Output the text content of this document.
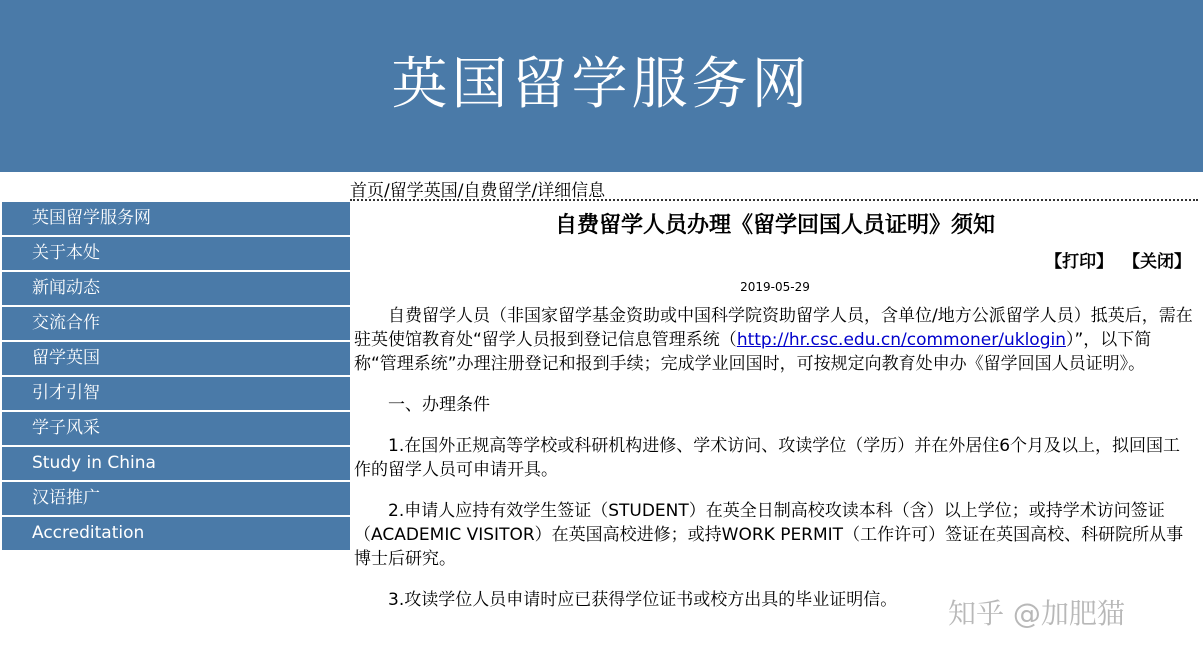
英国留学服务网
首页/留学英国/自费留学/详细信息
英国留学服务网
关于本处
新闻动态
交流合作
留学英国
引才引智
学子风采
Study in China
汉语推广
Accreditation
自费留学人员办理《留学回国人员证明》须知
【打印】 【关闭】
2019-05-29

自费留学人员（非国家留学基金资助或中国科学院资助留学人员，含单位/地方公派留学人员）抵英后，需在驻英使馆教育处“留学人员报到登记信息管理系统（http://hr.csc.edu.cn/commoner/uklogin）”，以下简称“管理系统”办理注册登记和报到手续；完成学业回国时，可按规定向教育处申办《留学回国人员证明》。

一、办理条件

1.在国外正规高等学校或科研机构进修、学术访问、攻读学位（学历）并在外居住6个月及以上，拟回国工作的留学人员可申请开具。

2.申请人应持有效学生签证（STUDENT）在英全日制高校攻读本科（含）以上学位；或持学术访问签证（ACADEMIC VISITOR）在英国高校进修；或持WORK PERMIT（工作许可）签证在英国高校、科研院所从事博士后研究。

3.攻读学位人员申请时应已获得学位证书或校方出具的毕业证明信。	知乎 @加肥猫
